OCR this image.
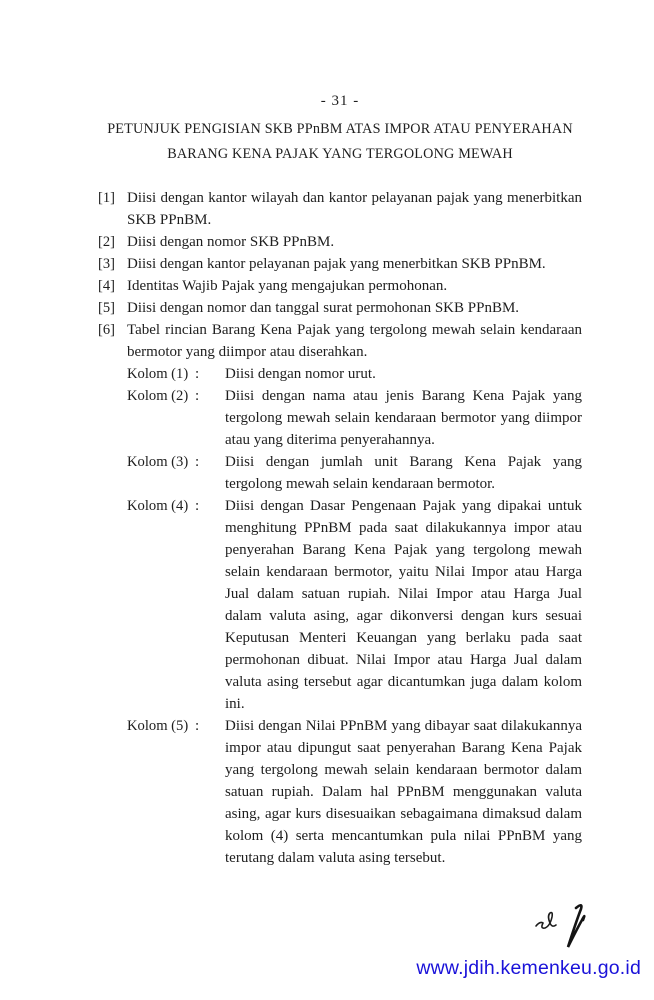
- 31 -
PETUNJUK PENGISIAN SKB PPnBM ATAS IMPOR ATAU PENYERAHAN
BARANG KENA PAJAK YANG TERGOLONG MEWAH
[1] Diisi dengan kantor wilayah dan kantor pelayanan pajak yang menerbitkan SKB PPnBM.
[2] Diisi dengan nomor SKB PPnBM.
[3] Diisi dengan kantor pelayanan pajak yang menerbitkan SKB PPnBM.
[4] Identitas Wajib Pajak yang mengajukan permohonan.
[5] Diisi dengan nomor dan tanggal surat permohonan SKB PPnBM.
[6] Tabel rincian Barang Kena Pajak yang tergolong mewah selain kendaraan bermotor yang diimpor atau diserahkan.
Kolom (1) :	Diisi dengan nomor urut.
Kolom (2) :	Diisi dengan nama atau jenis Barang Kena Pajak yang tergolong mewah selain kendaraan bermotor yang diimpor atau yang diterima penyerahannya.
Kolom (3) :	Diisi dengan jumlah unit Barang Kena Pajak yang tergolong mewah selain kendaraan bermotor.
Kolom (4) :	Diisi dengan Dasar Pengenaan Pajak yang dipakai untuk menghitung PPnBM pada saat dilakukannya impor atau penyerahan Barang Kena Pajak yang tergolong mewah selain kendaraan bermotor, yaitu Nilai Impor atau Harga Jual dalam satuan rupiah. Nilai Impor atau Harga Jual dalam valuta asing, agar dikonversi dengan kurs sesuai Keputusan Menteri Keuangan yang berlaku pada saat permohonan dibuat. Nilai Impor atau Harga Jual dalam valuta asing tersebut agar dicantumkan juga dalam kolom ini.
Kolom (5) :	Diisi dengan Nilai PPnBM yang dibayar saat dilakukannya impor atau dipungut saat penyerahan Barang Kena Pajak yang tergolong mewah selain kendaraan bermotor dalam satuan rupiah. Dalam hal PPnBM menggunakan valuta asing, agar kurs disesuaikan sebagaimana dimaksud dalam kolom (4) serta mencantumkan pula nilai PPnBM yang terutang dalam valuta asing tersebut.
www.jdih.kemenkeu.go.id
